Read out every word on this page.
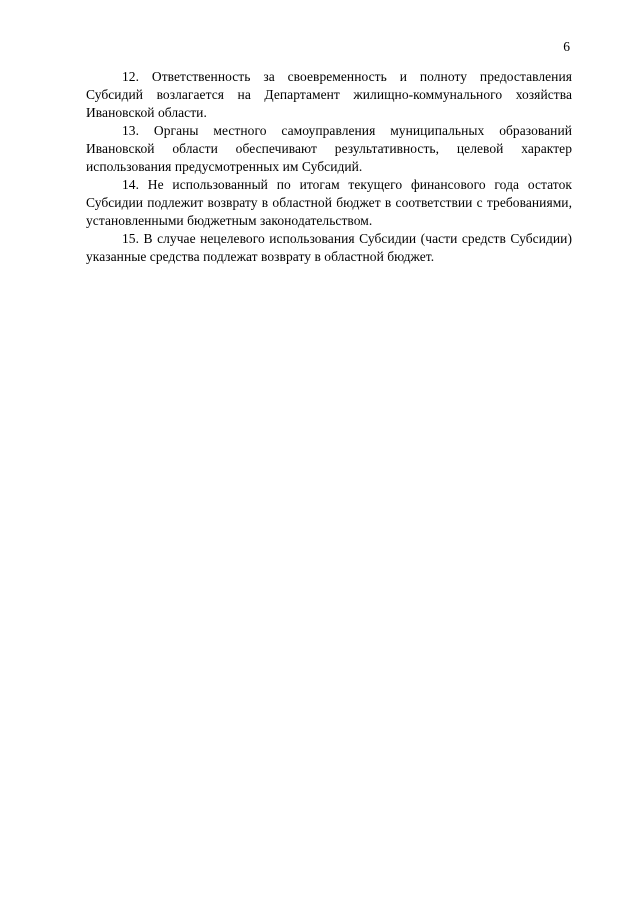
6

12. Ответственность за своевременность и полноту предоставления Субсидий возлагается на Департамент жилищно-коммунального хозяйства Ивановской области.

13. Органы местного самоуправления муниципальных образований Ивановской области обеспечивают результативность, целевой характер использования предусмотренных им Субсидий.

14. Не использованный по итогам текущего финансового года остаток Субсидии подлежит возврату в областной бюджет в соответствии с требованиями, установленными бюджетным законодательством.

15. В случае нецелевого использования Субсидии (части средств Субсидии) указанные средства подлежат возврату в областной бюджет.
